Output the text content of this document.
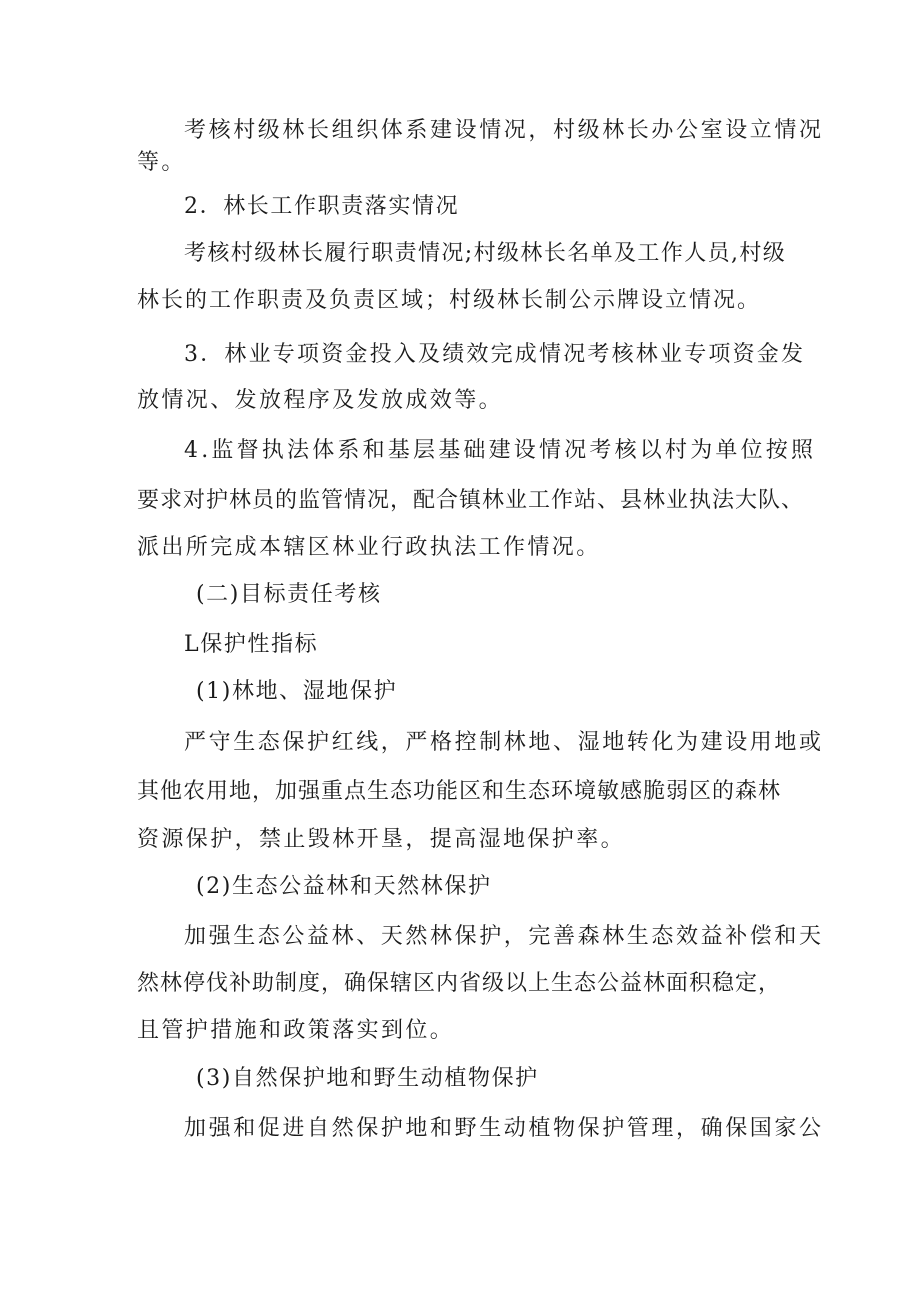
考核村级林长组织体系建设情况，村级林长办公室设立情况
等。
2．林长工作职责落实情况
考核村级林长履行职责情况;村级林长名单及工作人员,村级
林长的工作职责及负责区域；村级林长制公示牌设立情况。
3．林业专项资金投入及绩效完成情况考核林业专项资金发
放情况、发放程序及发放成效等。
4.监督执法体系和基层基础建设情况考核以村为单位按照
要求对护林员的监管情况，配合镇林业工作站、县林业执法大队、
派出所完成本辖区林业行政执法工作情况。
(二)目标责任考核
L保护性指标
(1)林地、湿地保护
严守生态保护红线，严格控制林地、湿地转化为建设用地或
其他农用地，加强重点生态功能区和生态环境敏感脆弱区的森林
资源保护，禁止毁林开垦，提高湿地保护率。
(2)生态公益林和天然林保护
加强生态公益林、天然林保护，完善森林生态效益补偿和天
然林停伐补助制度，确保辖区内省级以上生态公益林面积稳定，
且管护措施和政策落实到位。
(3)自然保护地和野生动植物保护
加强和促进自然保护地和野生动植物保护管理，确保国家公
